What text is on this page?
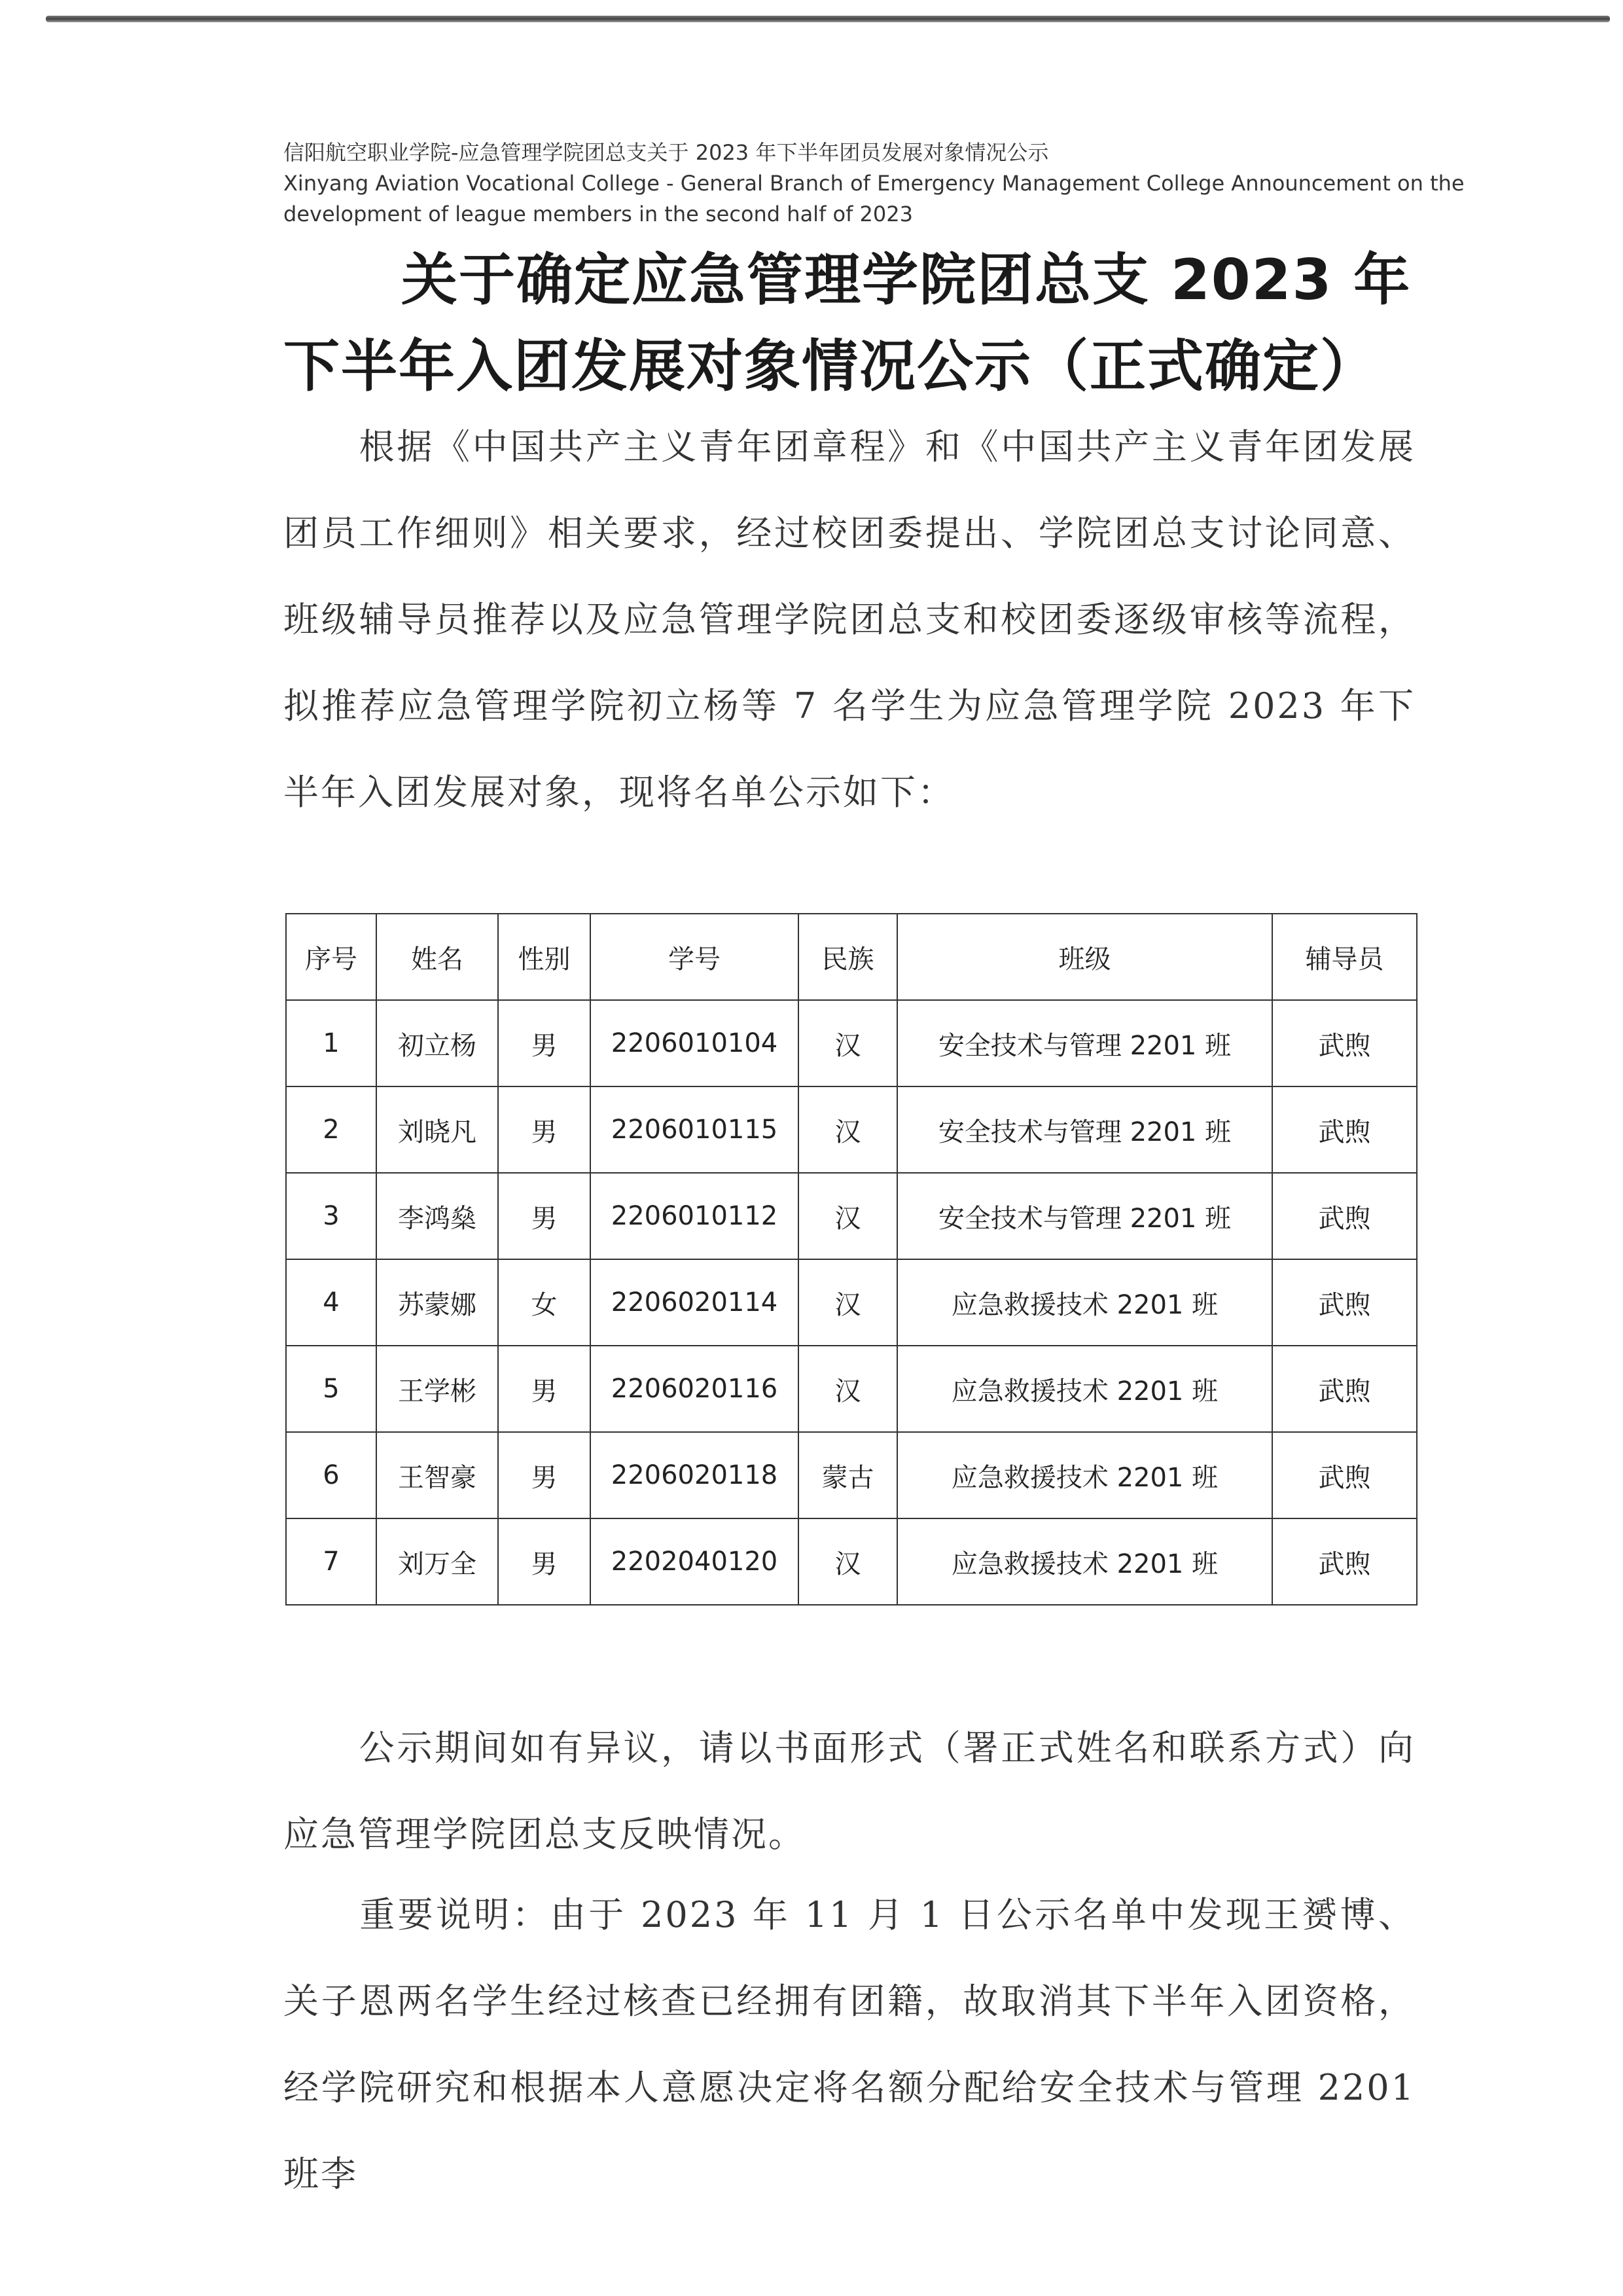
信阳航空职业学院-应急管理学院团总支关于 2023 年下半年团员发展对象情况公示
Xinyang Aviation Vocational College - General Branch of Emergency Management College Announcement on the
development of league members in the second half of 2023
关于确定应急管理学院团总支 2023 年
下半年入团发展对象情况公示（正式确定）
根据《中国共产主义青年团章程》和《中国共产主义青年团发展团员工作细则》相关要求，经过校团委提出、学院团总支讨论同意、班级辅导员推荐以及应急管理学院团总支和校团委逐级审核等流程，拟推荐应急管理学院初立杨等 7 名学生为应急管理学院 2023 年下半年入团发展对象，现将名单公示如下：
序号	姓名	性别	学号	民族	班级	辅导员
1	初立杨	男	2206010104	汉	安全技术与管理 2201 班	武煦
2	刘晓凡	男	2206010115	汉	安全技术与管理 2201 班	武煦
3	李鸿燊	男	2206010112	汉	安全技术与管理 2201 班	武煦
4	苏蒙娜	女	2206020114	汉	应急救援技术 2201 班	武煦
5	王学彬	男	2206020116	汉	应急救援技术 2201 班	武煦
6	王智豪	男	2206020118	蒙古	应急救援技术 2201 班	武煦
7	刘万全	男	2202040120	汉	应急救援技术 2201 班	武煦
公示期间如有异议，请以书面形式（署正式姓名和联系方式）向应急管理学院团总支反映情况。
重要说明：由于 2023 年 11 月 1 日公示名单中发现王赟博、关子恩两名学生经过核查已经拥有团籍，故取消其下半年入团资格，经学院研究和根据本人意愿决定将名额分配给安全技术与管理 2201 班李
